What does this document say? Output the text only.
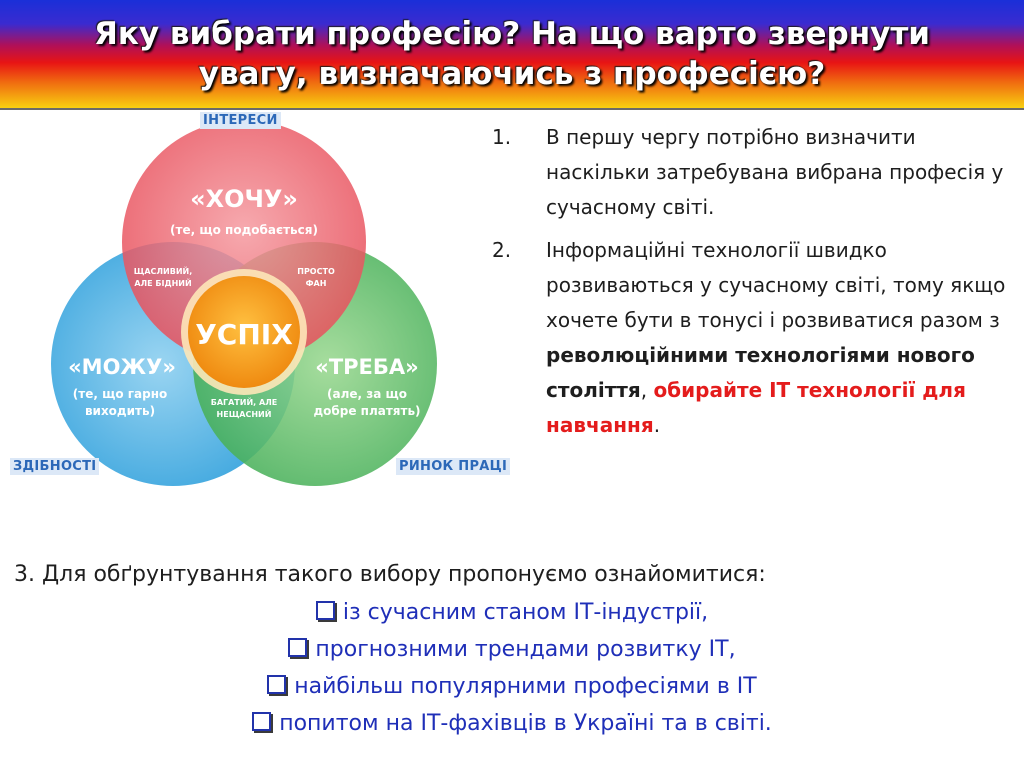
Яку вибрати професію? На що варто звернути
увагу, визначаючись з професією?
«ХОЧУ»
(те, що подобається)
«МОЖУ»
(те, що гарно
виходить)
«ТРЕБА»
(але, за що
добре платять)
ЩАСЛИВИЙ,
АЛЕ БІДНИЙ
ПРОСТО
ФАН
БАГАТИЙ, АЛЕ
НЕЩАСНИЙ
УСПІХ
ІНТЕРЕСИ
ЗДІБНОСТІ	РИНОК ПРАЦІ
1.	В першу чергу потрібно визначити наскільки затребувана вибрана професія у сучасному світі.
2.	Інформаційні технології швидко розвиваються у сучасному світі, тому якщо хочете бути в тонусі і розвиватися разом з революційними технологіями нового століття, обирайте ІТ технології для навчання.
3. Для обґрунтування такого вибору пропонуємо ознайомитися:
із сучасним станом ІТ-індустрії,
прогнозними трендами розвитку ІТ,
найбільш популярними професіями в ІТ
попитом на ІТ-фахівців в Україні та в світі.
